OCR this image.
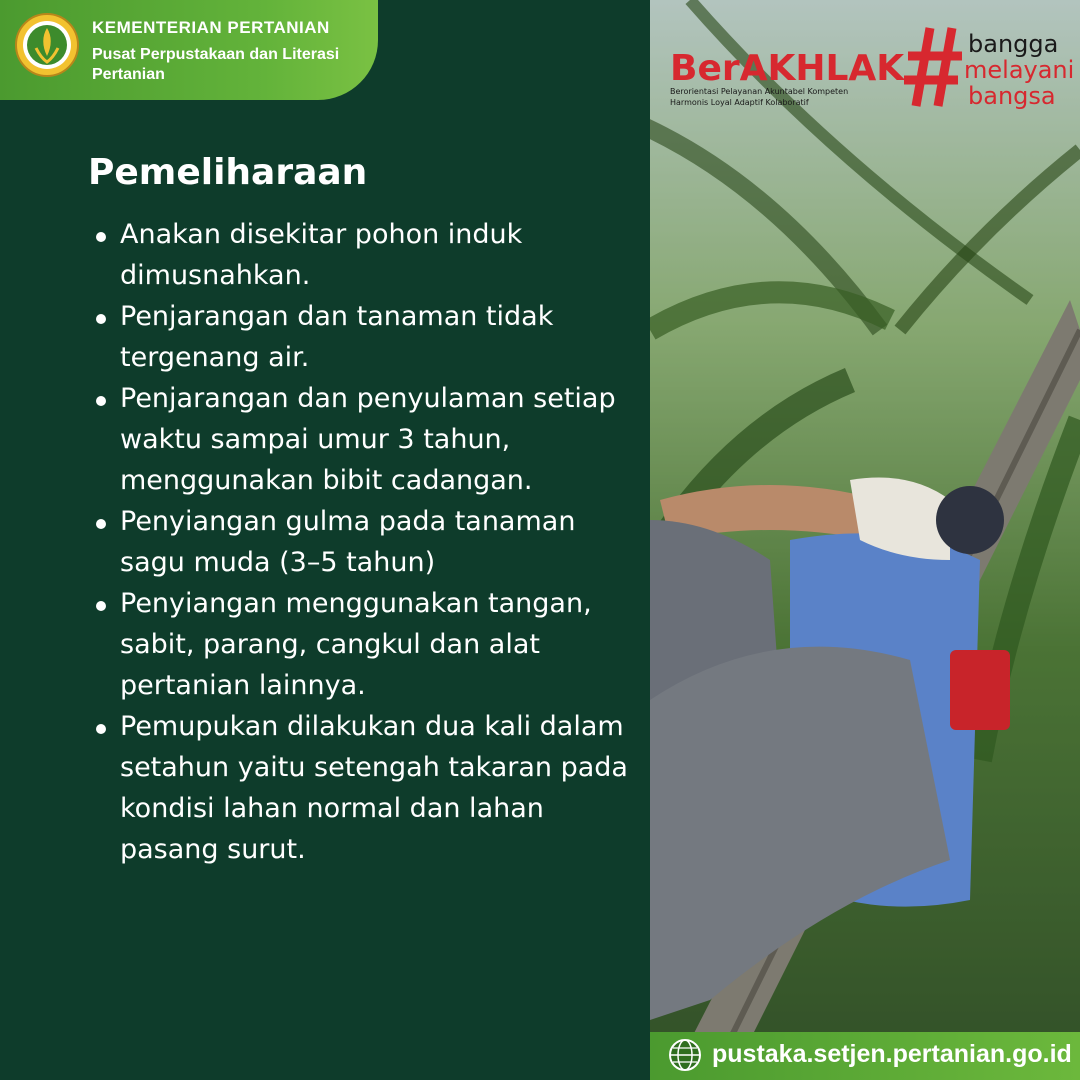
KEMENTERIAN PERTANIAN
Pusat Perpustakaan dan Literasi Pertanian
Pemeliharaan
Anakan disekitar pohon induk dimusnahkan.
Penjarangan dan tanaman tidak tergenang air.
Penjarangan dan penyulaman setiap waktu sampai umur 3 tahun, menggunakan bibit cadangan.
Penyiangan gulma pada tanaman sagu muda (3–5 tahun)
Penyiangan menggunakan tangan, sabit, parang, cangkul dan alat pertanian lainnya.
Pemupukan dilakukan dua kali dalam setahun yaitu setengah takaran pada kondisi lahan normal dan lahan pasang surut.
BerAKHLAK
Berorientasi Pelayanan Akuntabel Kompeten
Harmonis Loyal Adaptif Kolaboratif
bangga
melayani
bangsa
pustaka.setjen.pertanian.go.id
